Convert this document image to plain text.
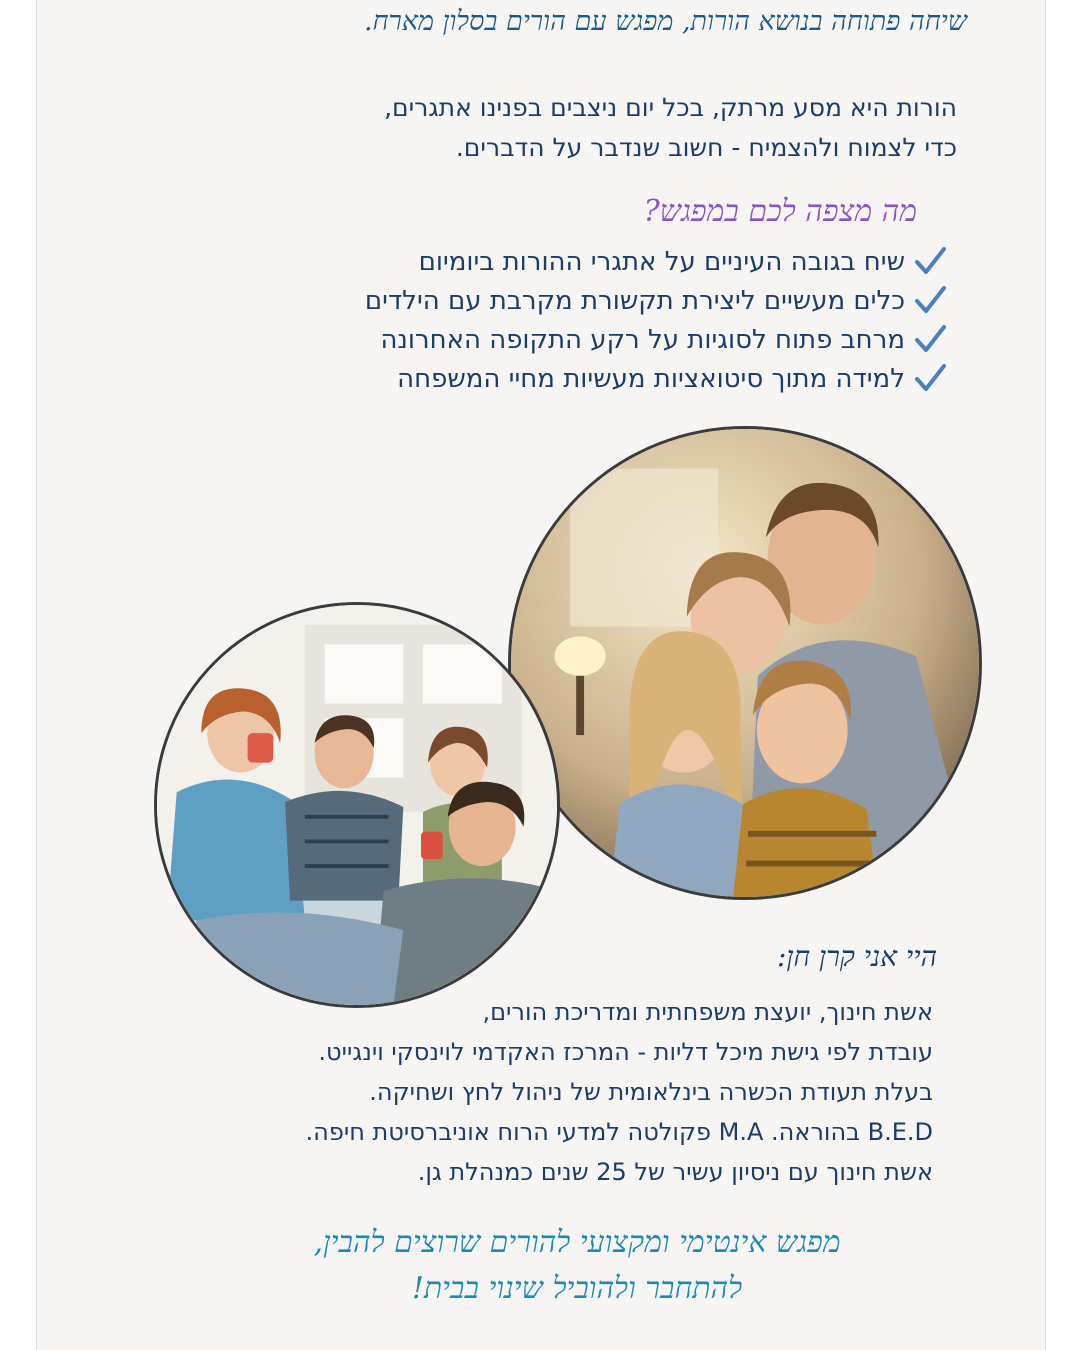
שיחה פתוחה בנושא הורות, מפגש עם הורים בסלון מארח.
הורות היא מסע מרתק, בכל יום ניצבים בפנינו אתגרים,
כדי לצמוח ולהצמיח - חשוב שנדבר על הדברים.
מה מצפה לכם במפגש?
שיח בגובה העיניים על אתגרי ההורות ביומיום
כלים מעשיים ליצירת תקשורת מקרבת עם הילדים
מרחב פתוח לסוגיות על רקע התקופה האחרונה
למידה מתוך סיטואציות מעשיות מחיי המשפחה
היי אני קרן חן:
אשת חינוך, יועצת משפחתית ומדריכת הורים,
עובדת לפי גישת מיכל דליות - המרכז האקדמי לוינסקי וינגייט.
בעלת תעודת הכשרה בינלאומית של ניהול לחץ ושחיקה.
B.E.D בהוראה. M.A פקולטה למדעי הרוח אוניברסיטת חיפה.
אשת חינוך עם ניסיון עשיר של 25 שנים כמנהלת גן.
מפגש אינטימי ומקצועי להורים שרוצים להבין,
להתחבר ולהוביל שינוי בבית!
